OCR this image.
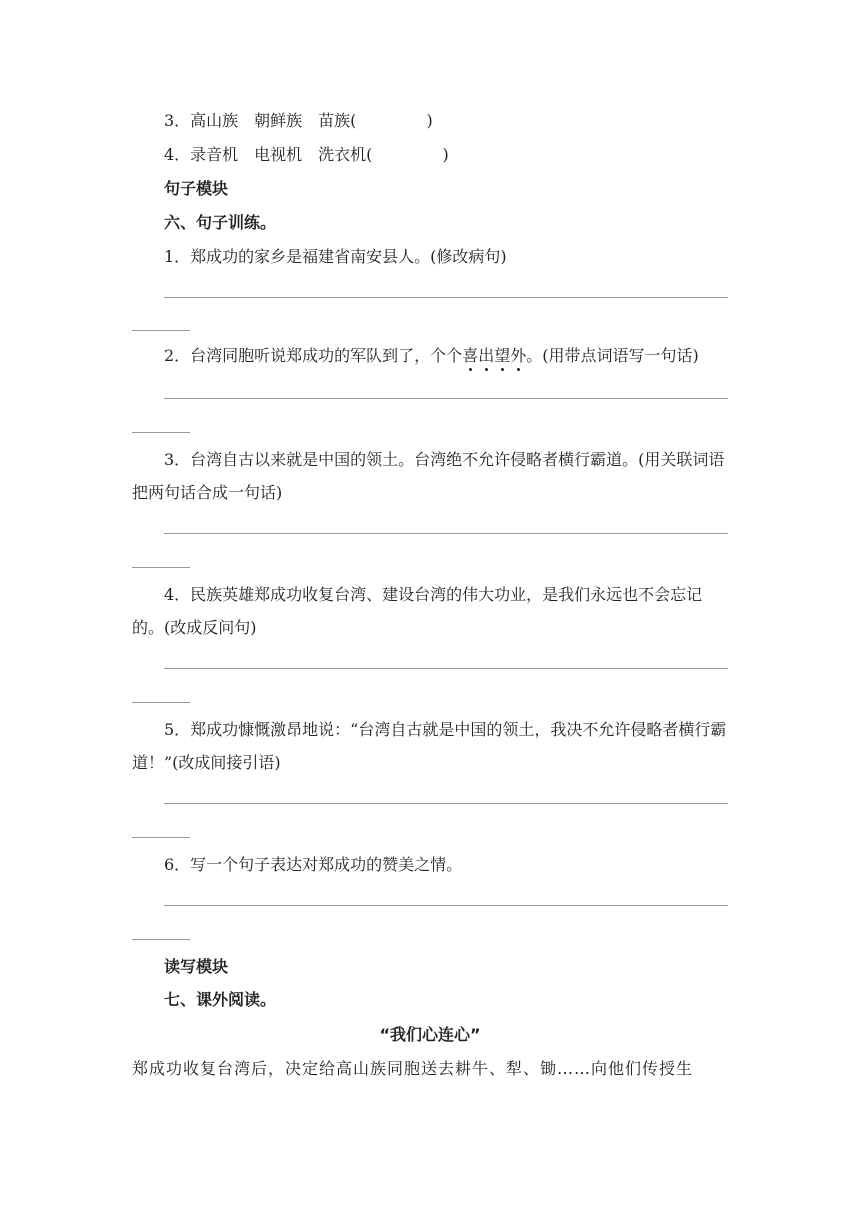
3．高山族　朝鲜族　苗族(	)
4．录音机　电视机　洗衣机(	)
句子模块
六、句子训练。
1．郑成功的家乡是福建省南安县人。(修改病句)
2．台湾同胞听说郑成功的军队到了，个个喜出望外。(用带点词语写一句话)
3．台湾自古以来就是中国的领土。台湾绝不允许侵略者横行霸道。(用关联词语把两句话合成一句话)
4．民族英雄郑成功收复台湾、建设台湾的伟大功业，是我们永远也不会忘记的。(改成反问句)
5．郑成功慷慨激昂地说：“台湾自古就是中国的领土，我决不允许侵略者横行霸道！”(改成间接引语)
6．写一个句子表达对郑成功的赞美之情。
读写模块
七、课外阅读。
“我们心连心”
郑成功收复台湾后，决定给高山族同胞送去耕牛、犁、锄……向他们传授生
